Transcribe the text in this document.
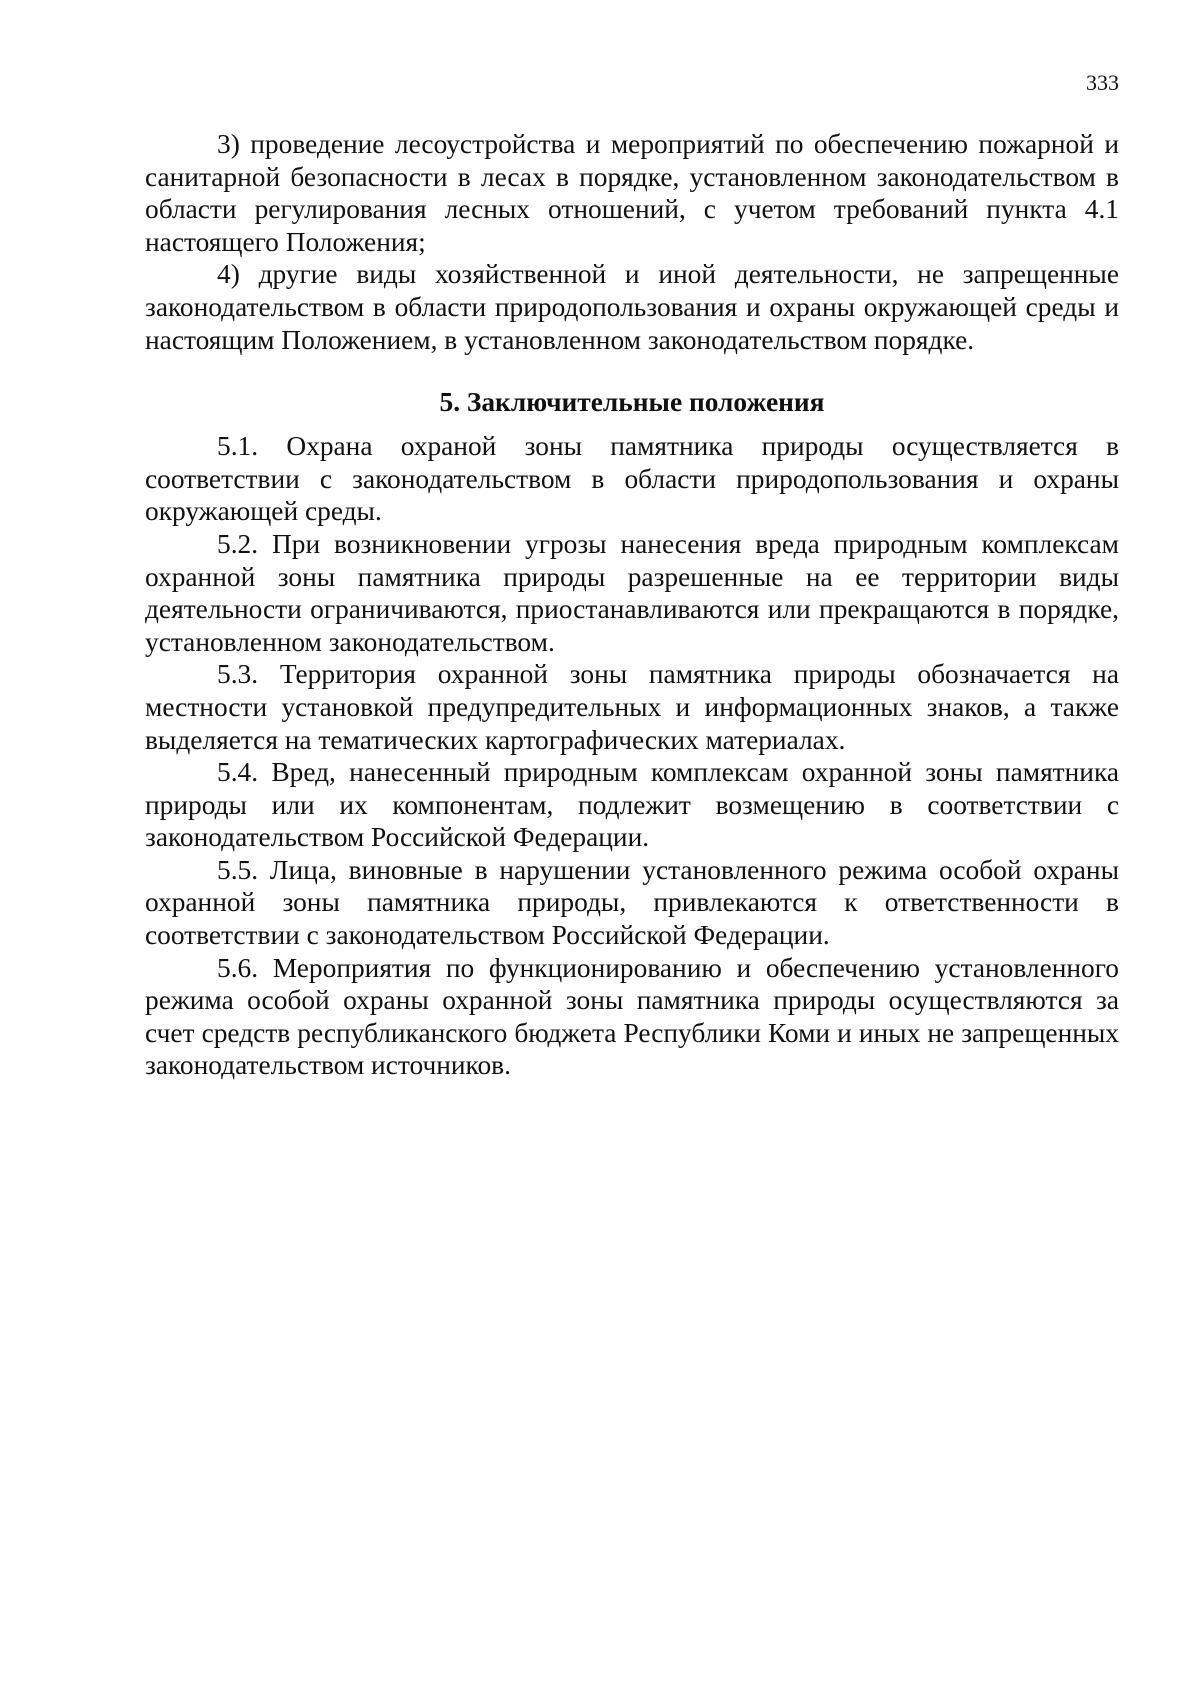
333

3) проведение лесоустройства и мероприятий по обеспечению пожарной и санитарной безопасности в лесах в порядке, установленном законодательством в области регулирования лесных отношений, с учетом требований пункта 4.1 настоящего Положения;

4) другие виды хозяйственной и иной деятельности, не запрещенные законодательством в области природопользования и охраны окружающей среды и настоящим Положением, в установленном законодательством порядке.

5. Заключительные положения

5.1. Охрана охраной зоны памятника природы осуществляется в соответствии с законодательством в области природопользования и охраны окружающей среды.

5.2. При возникновении угрозы нанесения вреда природным комплексам охранной зоны памятника природы разрешенные на ее территории виды деятельности ограничиваются, приостанавливаются или прекращаются в порядке, установленном законодательством.

5.3. Территория охранной зоны памятника природы обозначается на местности установкой предупредительных и информационных знаков, а также выделяется на тематических картографических материалах.

5.4. Вред, нанесенный природным комплексам охранной зоны памятника природы или их компонентам, подлежит возмещению в соответствии с законодательством Российской Федерации.

5.5. Лица, виновные в нарушении установленного режима особой охраны охранной зоны памятника природы, привлекаются к ответственности в соответствии с законодательством Российской Федерации.

5.6. Мероприятия по функционированию и обеспечению установленного режима особой охраны охранной зоны памятника природы осуществляются за счет средств республиканского бюджета Республики Коми и иных не запрещенных законодательством источников.
